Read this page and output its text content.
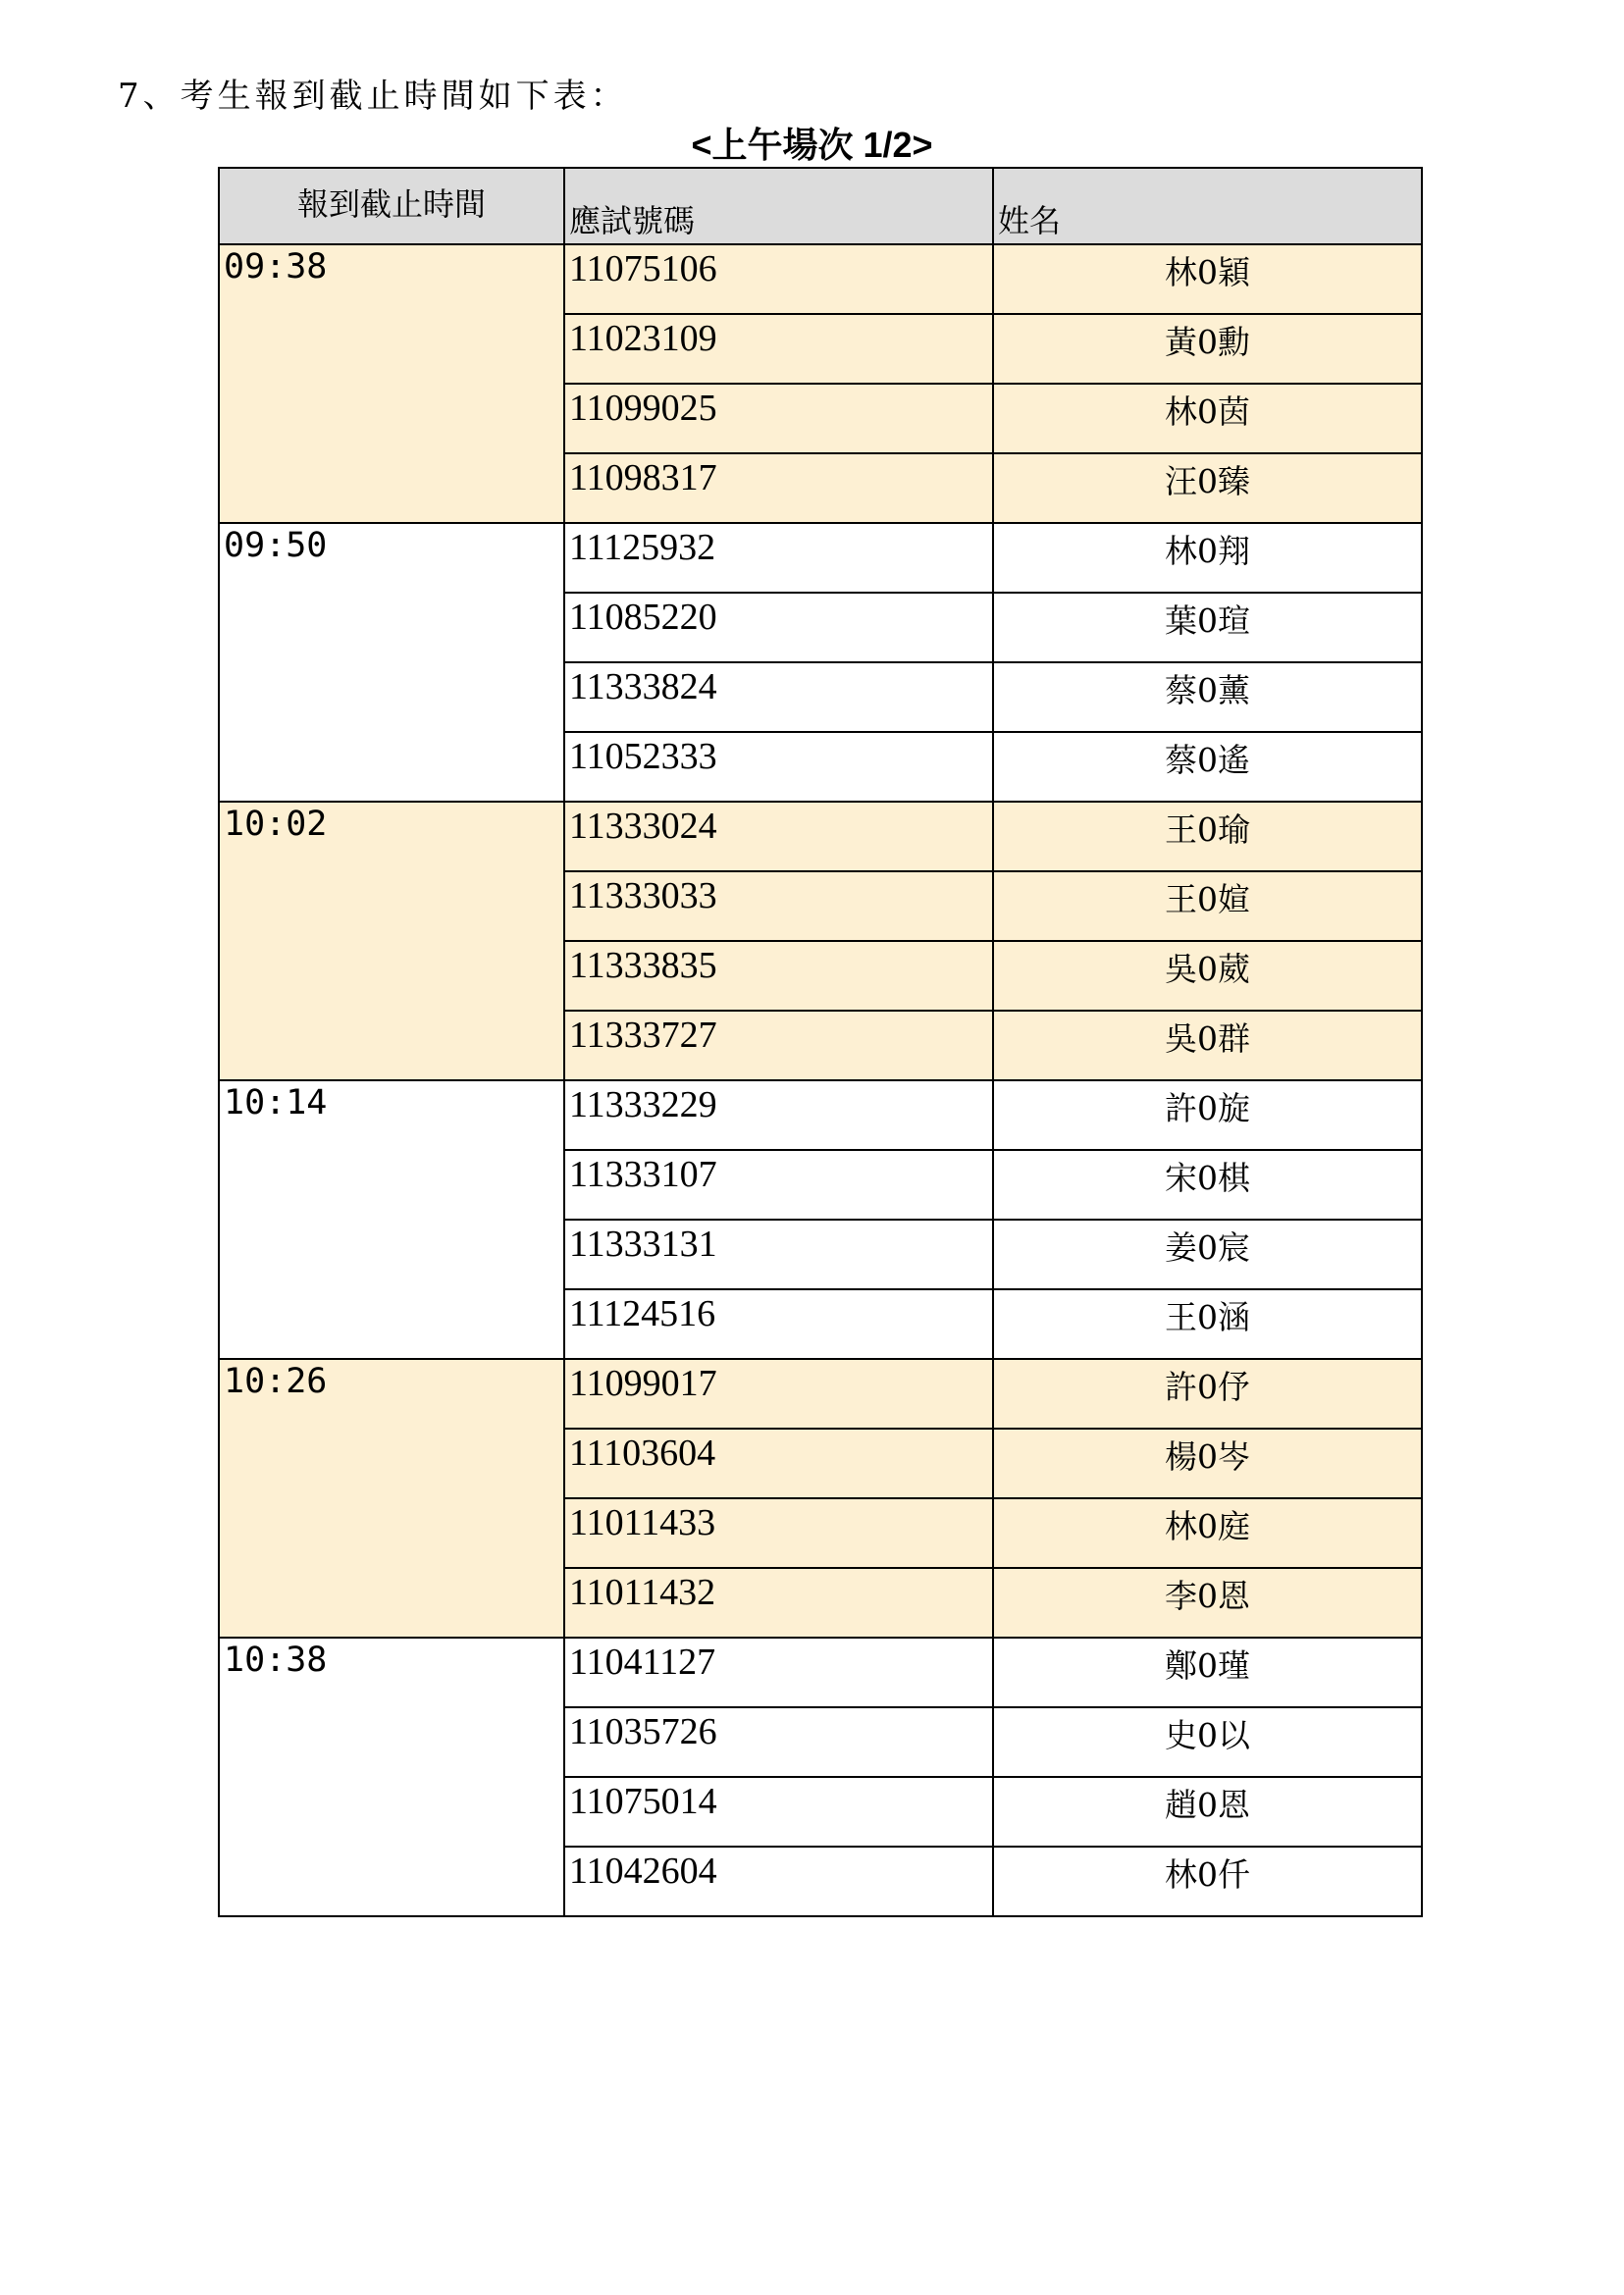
7、考生報到截止時間如下表：
<上午場次 1/2>
報到截止時間	應試號碼	姓名
09:38	11075106	林0穎
	11023109	黃0勳
	11099025	林0茵
	11098317	汪0臻
09:50	11125932	林0翔
	11085220	葉0瑄
	11333824	蔡0薰
	11052333	蔡0遙
10:02	11333024	王0瑜
	11333033	王0媗
	11333835	吳0葳
	11333727	吳0群
10:14	11333229	許0旋
	11333107	宋0棋
	11333131	姜0宸
	11124516	王0涵
10:26	11099017	許0伃
	11103604	楊0岑
	11011433	林0庭
	11011432	李0恩
10:38	11041127	鄭0瑾
	11035726	史0以
	11075014	趙0恩
	11042604	林0仟
